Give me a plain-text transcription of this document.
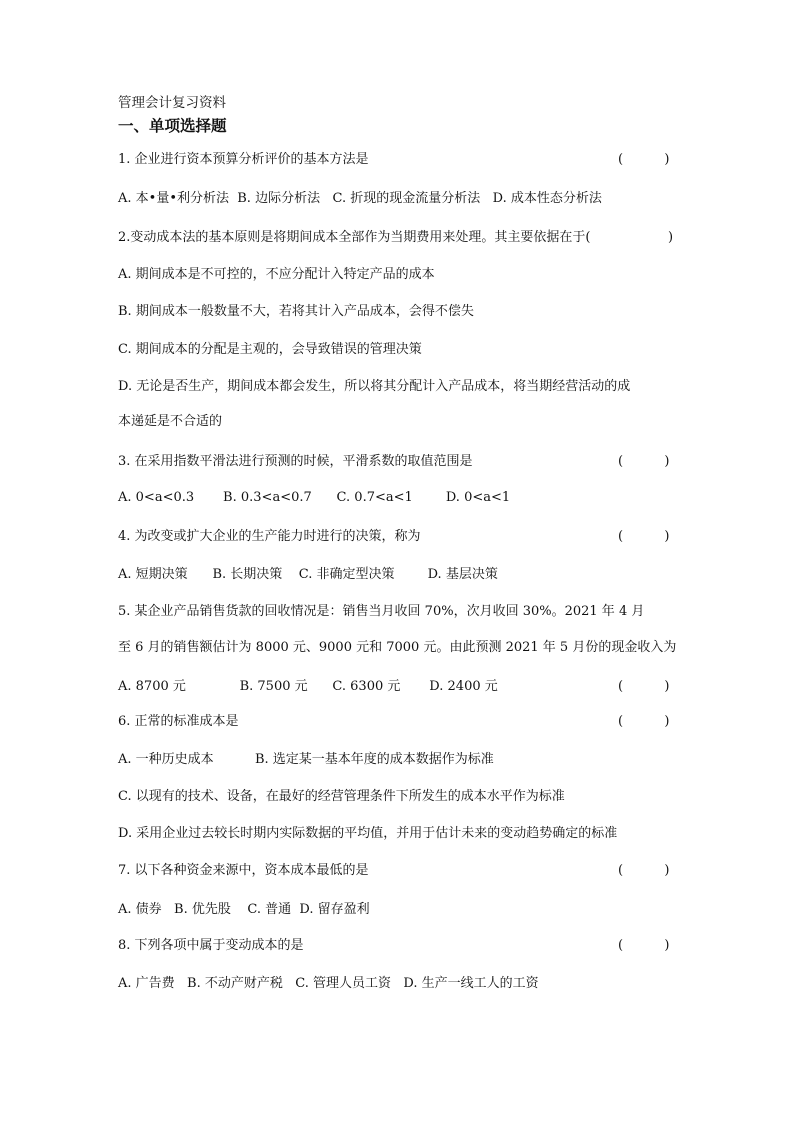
管理会计复习资料
一、单项选择题
1. 企业进行资本预算分析评价的基本方法是	(          )
A. 本•量•利分析法  B. 边际分析法   C. 折现的现金流量分析法   D. 成本性态分析法
2.变动成本法的基本原则是将期间成本全部作为当期费用来处理。其主要依据在于(	)
A. 期间成本是不可控的，不应分配计入特定产品的成本
B. 期间成本一般数量不大，若将其计入产品成本，会得不偿失
C. 期间成本的分配是主观的，会导致错误的管理决策
D. 无论是否生产，期间成本都会发生，所以将其分配计入产品成本，将当期经营活动的成
本递延是不合适的
3. 在采用指数平滑法进行预测的时候，平滑系数的取值范围是	(          )
A. 0<a<0.3       B. 0.3<a<0.7      C. 0.7<a<1        D. 0<a<1
4. 为改变或扩大企业的生产能力时进行的决策，称为	(          )
A. 短期决策      B. 长期决策    C. 非确定型决策        D. 基层决策
5. 某企业产品销售货款的回收情况是：销售当月收回 70%，次月收回 30%。2021 年 4 月
至 6 月的销售额估计为 8000 元、9000 元和 7000 元。由此预测 2021 年 5 月份的现金收入为
A. 8700 元             B. 7500 元      C. 6300 元       D. 2400 元	(          )
6. 正常的标准成本是	(          )
A. 一种历史成本          B. 选定某一基本年度的成本数据作为标准
C. 以现有的技术、设备，在最好的经营管理条件下所发生的成本水平作为标准
D. 采用企业过去较长时期内实际数据的平均值，并用于估计未来的变动趋势确定的标准
7. 以下各种资金来源中，资本成本最低的是	(          )
A. 债券   B. 优先股    C. 普通  D. 留存盈利
8. 下列各项中属于变动成本的是	(          )
A. 广告费   B. 不动产财产税   C. 管理人员工资   D. 生产一线工人的工资
